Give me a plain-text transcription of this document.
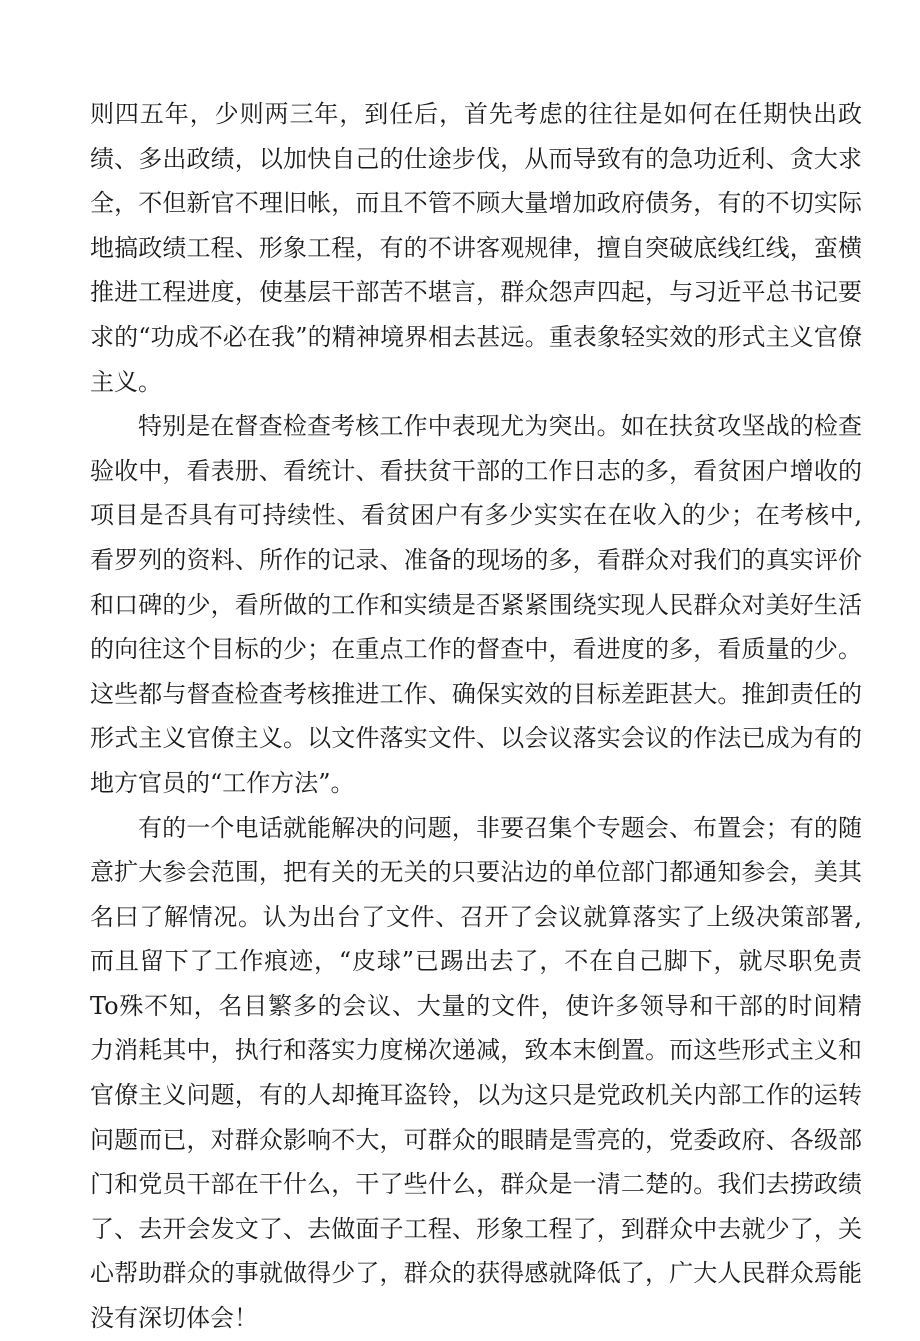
则四五年，少则两三年，到任后，首先考虑的往往是如何在任期快出政绩、多出政绩，以加快自己的仕途步伐，从而导致有的急功近利、贪大求全，不但新官不理旧帐，而且不管不顾大量增加政府债务，有的不切实际地搞政绩工程、形象工程，有的不讲客观规律，擅自突破底线红线，蛮横推进工程进度，使基层干部苦不堪言，群众怨声四起，与习近平总书记要求的“功成不必在我”的精神境界相去甚远。重表象轻实效的形式主义官僚主义。

特别是在督查检查考核工作中表现尤为突出。如在扶贫攻坚战的检查验收中，看表册、看统计、看扶贫干部的工作日志的多，看贫困户增收的项目是否具有可持续性、看贫困户有多少实实在在收入的少；在考核中,看罗列的资料、所作的记录、准备的现场的多，看群众对我们的真实评价和口碑的少，看所做的工作和实绩是否紧紧围绕实现人民群众对美好生活的向往这个目标的少；在重点工作的督查中，看进度的多，看质量的少。这些都与督查检查考核推进工作、确保实效的目标差距甚大。推卸责任的形式主义官僚主义。以文件落实文件、以会议落实会议的作法已成为有的地方官员的“工作方法”。

有的一个电话就能解决的问题，非要召集个专题会、布置会；有的随意扩大参会范围，把有关的无关的只要沾边的单位部门都通知参会，美其名曰了解情况。认为出台了文件、召开了会议就算落实了上级决策部署,而且留下了工作痕迹，“皮球”已踢出去了，不在自己脚下，就尽职免责To殊不知，名目繁多的会议、大量的文件，使许多领导和干部的时间精力消耗其中，执行和落实力度梯次递减，致本末倒置。而这些形式主义和官僚主义问题，有的人却掩耳盗铃，以为这只是党政机关内部工作的运转问题而已，对群众影响不大，可群众的眼睛是雪亮的，党委政府、各级部门和党员干部在干什么，干了些什么，群众是一清二楚的。我们去捞政绩了、去开会发文了、去做面子工程、形象工程了，到群众中去就少了，关心帮助群众的事就做得少了，群众的获得感就降低了，广大人民群众焉能没有深切体会！
